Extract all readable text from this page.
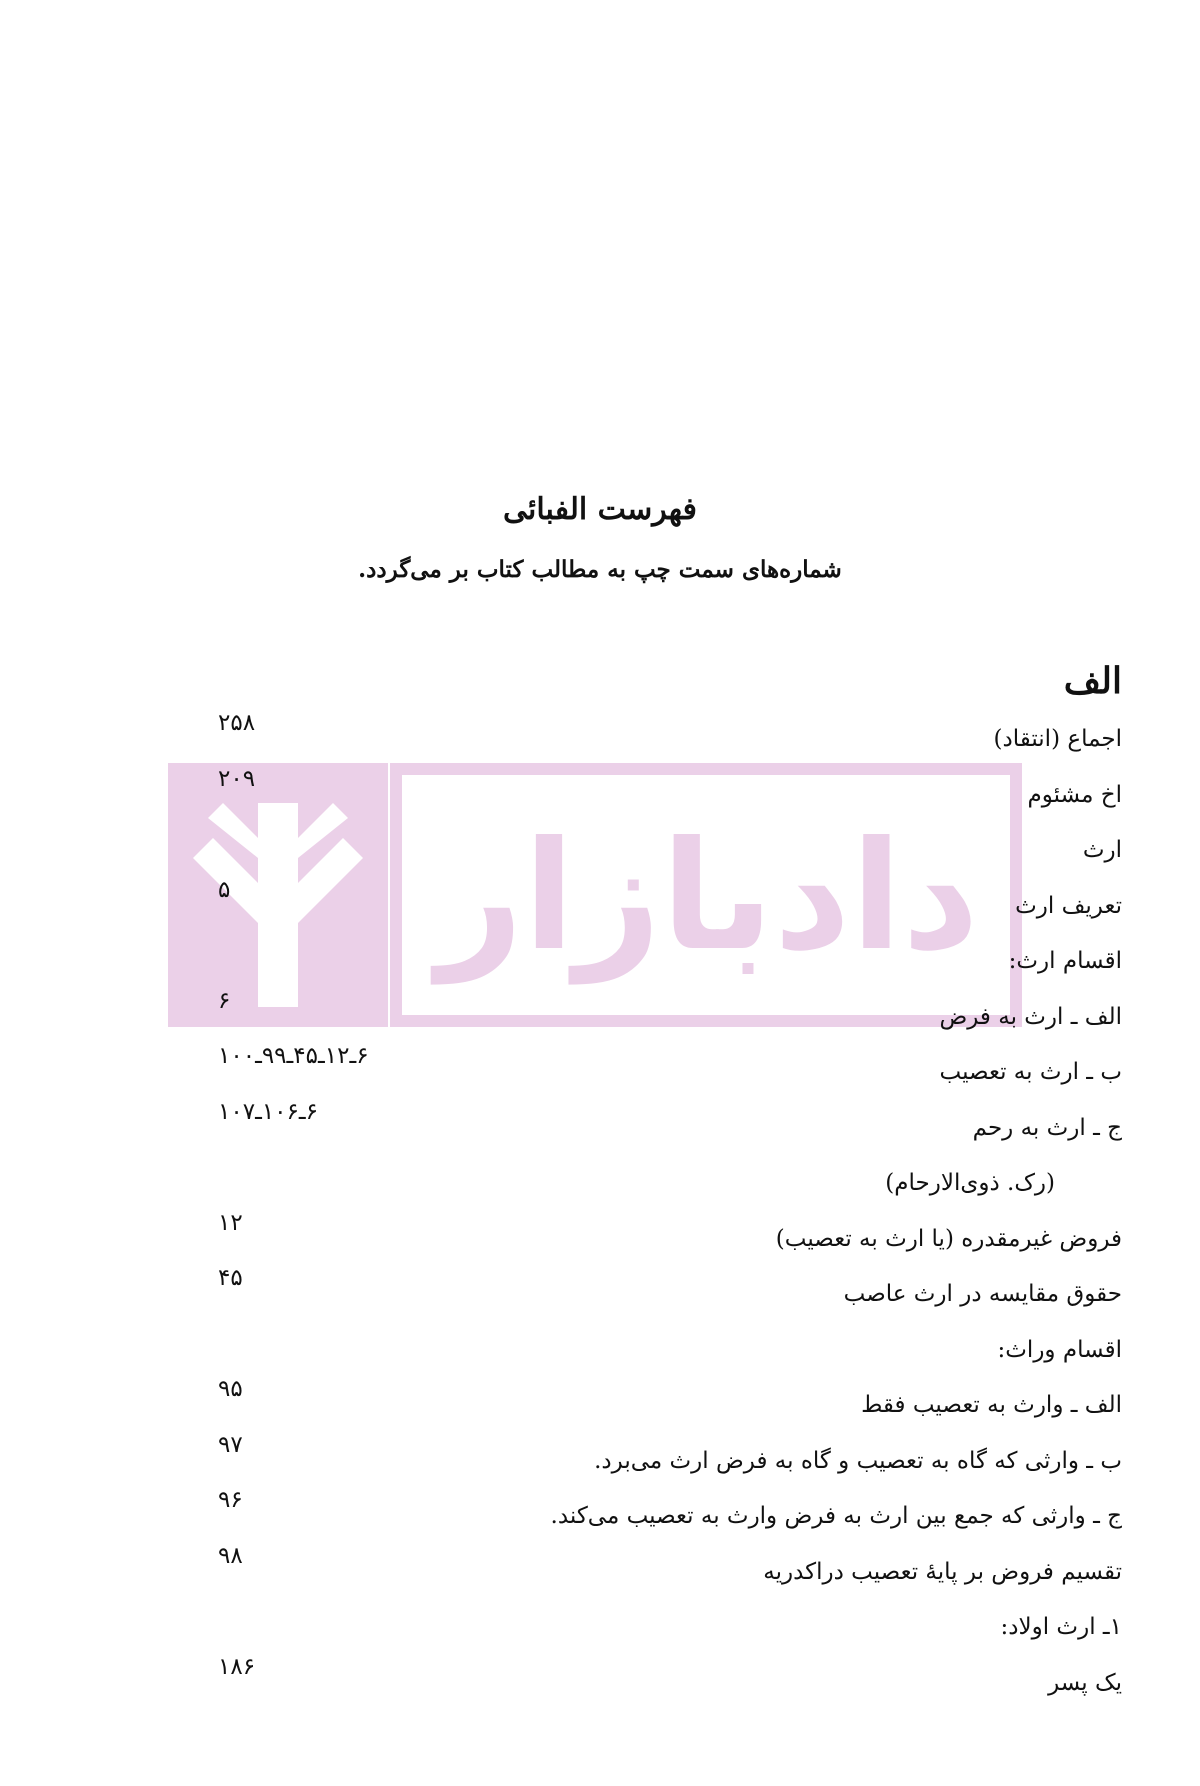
فهرست الفبائی

شماره‌های سمت چپ به مطالب کتاب بر می‌گردد.

الف
دادبازار
اجماع (انتقاد)
۲۵۸
اخ مشئوم
۲۰۹
ارث
تعریف ارث
۵
اقسام ارث:
الف ـ ارث به فرض
۶
ب ـ ارث به تعصیب
۶ـ۱۲ـ۴۵ـ۹۹ـ۱۰۰
ج ـ ارث به رحم
۶ـ۱۰۶ـ۱۰۷
(رک. ذوی‌الارحام)
فروض غیرمقدره (یا ارث به تعصیب)
۱۲
حقوق مقایسه در ارث عاصب
۴۵
اقسام وراث:
الف ـ وارث به تعصیب فقط
۹۵
ب ـ وارثی که گاه به تعصیب و گاه به فرض ارث می‌برد.
۹۷
ج ـ وارثی که جمع بین ارث به فرض وارث به تعصیب می‌کند.
۹۶
تقسیم فروض بر پایهٔ تعصیب دراکدریه
۹۸
۱ـ ارث اولاد:
یک پسر
۱۸۶
